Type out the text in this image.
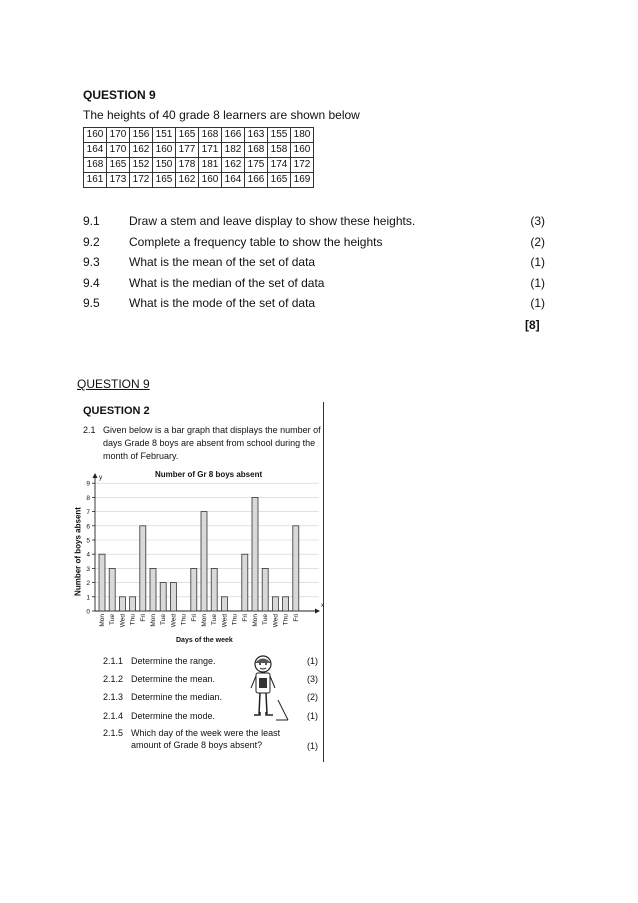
QUESTION 9
The heights of 40 grade 8 learners are shown below
160	170	156	151	165	168	166	163	155	180
164	170	162	160	177	171	182	168	158	160
168	165	152	150	178	181	162	175	174	172
161	173	172	165	162	160	164	166	165	169
9.1 Draw a stem and leave display to show these heights.	(3)
9.2 Complete a frequency table to show the heights	(2)
9.3 What is the mean of the set of data	(1)
9.4 What is the median of the set of data	(1)
9.5 What is the mode of the set of data	(1)
[8]
QUESTION 9
QUESTION 2
2.1 Given below is a bar graph that displays the number of days Grade 8 boys are absent from school during the month of February.
Number of Gr 8 boys absent
Number of boys absent
0
1
2
3
4
5
6
7
8
9
y
x
Mon Tue Wed Thu Fri Mon Tue Wed Thu Fri Mon Tue Wed Thu Fri Mon Tue Wed Thu Fri
Days of the week
2.1.1 Determine the range.	(1)
2.1.2 Determine the mean.	(3)
2.1.3 Determine the median.	(2)
2.1.4 Determine the mode.	(1)
2.1.5 Which day of the week were the least amount of Grade 8 boys absent?	(1)
